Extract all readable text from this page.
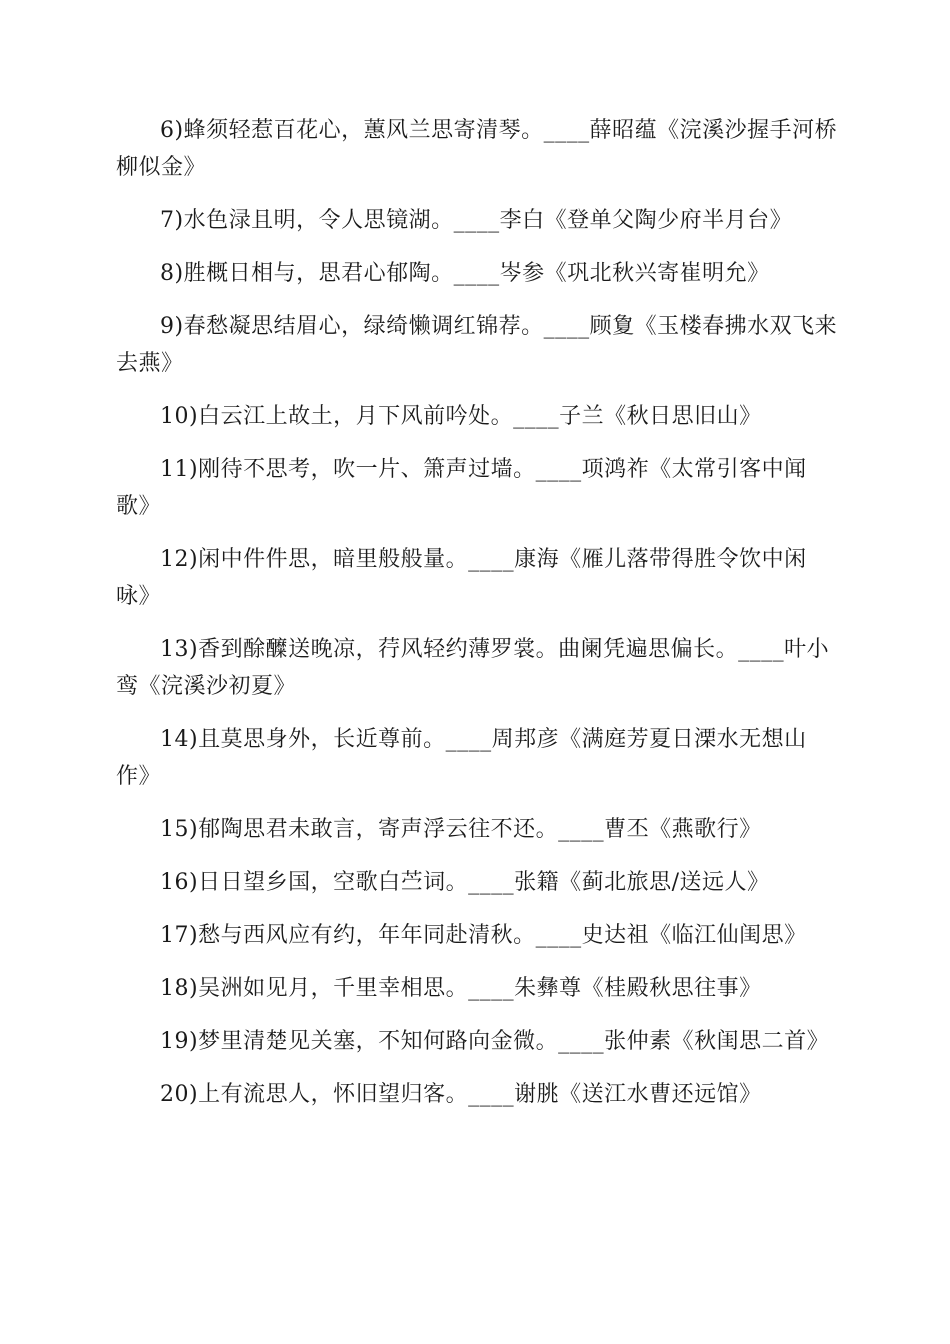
6)蜂须轻惹百花心，蕙风兰思寄清琴。____薛昭蕴《浣溪沙握手河桥柳似金》

7)水色渌且明，令人思镜湖。____李白《登单父陶少府半月台》

8)胜概日相与，思君心郁陶。____岑参《巩北秋兴寄崔明允》

9)春愁凝思结眉心，绿绮懒调红锦荐。____顾夐《玉楼春拂水双飞来去燕》

10)白云江上故土，月下风前吟处。____子兰《秋日思旧山》

11)刚待不思考，吹一片、箫声过墙。____项鸿祚《太常引客中闻歌》

12)闲中件件思，暗里般般量。____康海《雁儿落带得胜令饮中闲咏》

13)香到酴醾送晚凉，荇风轻约薄罗裳。曲阑凭遍思偏长。____叶小鸾《浣溪沙初夏》

14)且莫思身外，长近尊前。____周邦彦《满庭芳夏日溧水无想山作》

15)郁陶思君未敢言，寄声浮云往不还。____曹丕《燕歌行》

16)日日望乡国，空歌白苎词。____张籍《蓟北旅思/送远人》

17)愁与西风应有约，年年同赴清秋。____史达祖《临江仙闺思》

18)吴洲如见月，千里幸相思。____朱彝尊《桂殿秋思往事》

19)梦里清楚见关塞，不知何路向金微。____张仲素《秋闺思二首》

20)上有流思人，怀旧望归客。____谢朓《送江水曹还远馆》
